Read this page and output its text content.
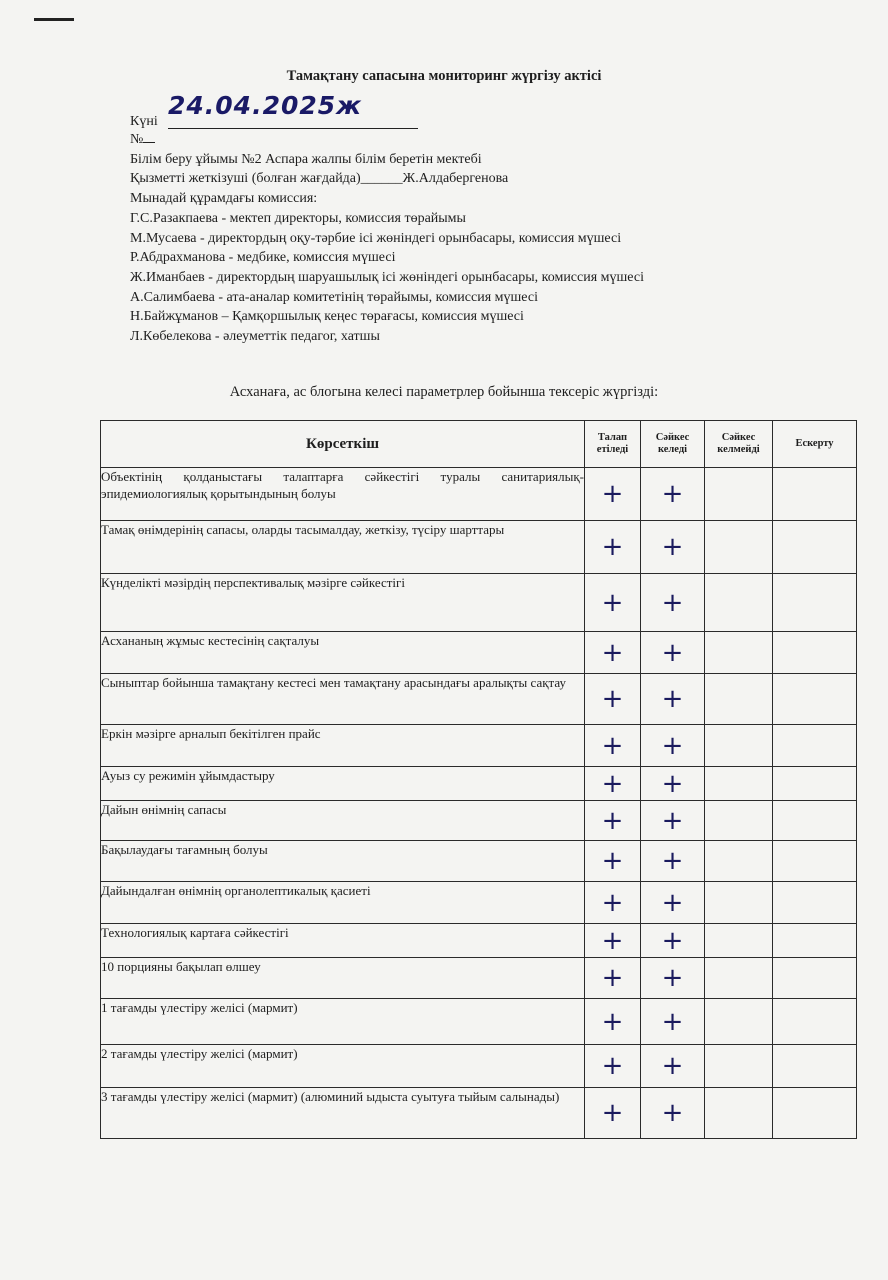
Тамақтану сапасына мониторинг жүргізу актісі
Күні
24.04.2025ж
№
Білім беру ұйымы №2 Аспара жалпы білім беретін мектебі
Қызметті жеткізуші (болған жағдайда)______Ж.Алдабергенова
Мынадай құрамдағы комиссия:
Г.С.Разакпаева - мектеп директоры, комиссия төрайымы
М.Мусаева - директордың оқу-тәрбие ісі жөніндегі орынбасары, комиссия мүшесі
Р.Абдрахманова - медбике, комиссия мүшесі
Ж.Иманбаев - директордың шаруашылық ісі жөніндегі орынбасары, комиссия мүшесі
А.Салимбаева - ата-аналар комитетінің төрайымы, комиссия мүшесі
Н.Байжұманов – Қамқоршылық кеңес төрағасы, комиссия мүшесі
Л.Көбелекова - әлеуметтік педагог, хатшы
Асханаға, ас блогына келесі параметрлер бойынша тексеріс жүргізді:
Көрсеткіш	Талап етіледі	Сәйкес келеді	Сәйкес келмейді	Ескерту
Объектінің қолданыстағы талаптарға сәйкестігі туралы санитариялық-эпидемиологиялық қорытындының болуы	+	+		
Тамақ өнімдерінің сапасы, оларды тасымалдау, жеткізу, түсіру шарттары	+	+		
Күнделікті мәзірдің перспективалық мәзірге сәйкестігі	+	+		
Асхананың жұмыс кестесінің сақталуы	+	+		
Сыныптар бойынша тамақтану кестесі мен тамақтану арасындағы аралықты сақтау	+	+		
Еркін мәзірге арналып бекітілген прайс	+	+		
Ауыз су режимін ұйымдастыру	+	+		
Дайын өнімнің сапасы	+	+		
Бақылаудағы тағамның болуы	+	+		
Дайындалған өнімнің органолептикалық қасиеті	+	+		
Технологиялық картаға сәйкестігі	+	+		
10 порцияны бақылап өлшеу	+	+		
1 тағамды үлестіру желісі (мармит)	+	+		
2 тағамды үлестіру желісі (мармит)	+	+		
3 тағамды үлестіру желісі (мармит) (алюминий ыдыста суытуға тыйым салынады)	+	+		
